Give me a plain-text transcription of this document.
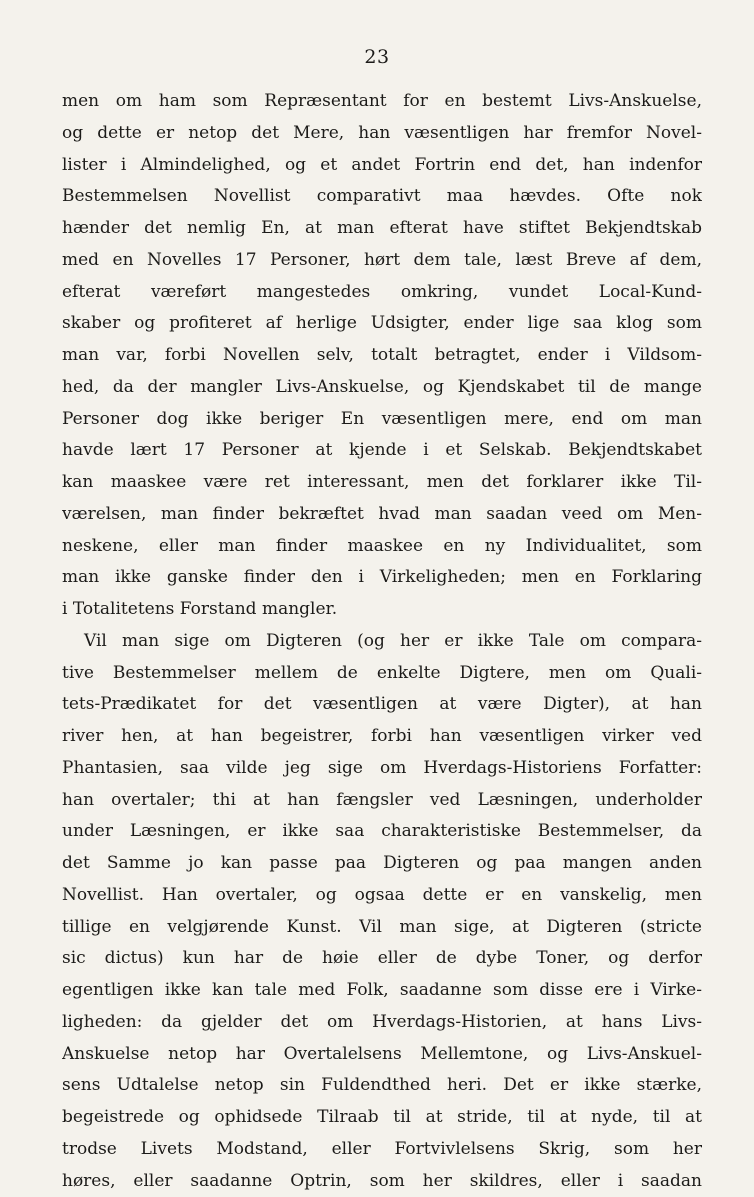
23
men om ham som Repræsentant for en bestemt Livs-Anskuelse,
og dette er netop det Mere, han væsentligen har fremfor Novel-
lister i Almindelighed, og et andet Fortrin end det, han indenfor
Bestemmelsen Novellist comparativt maa hævdes. Ofte nok
hænder det nemlig En, at man efterat have stiftet Bekjendtskab
med en Novelles 17 Personer, hørt dem tale, læst Breve af dem,
efterat væreført mangestedes omkring, vundet Local-Kund-
skaber og profiteret af herlige Udsigter, ender lige saa klog som
man var, forbi Novellen selv, totalt betragtet, ender i Vildsom-
hed, da der mangler Livs-Anskuelse, og Kjendskabet til de mange
Personer dog ikke beriger En væsentligen mere, end om man
havde lært 17 Personer at kjende i et Selskab. Bekjendtskabet
kan maaskee være ret interessant, men det forklarer ikke Til-
værelsen, man finder bekræftet hvad man saadan veed om Men-
neskene, eller man finder maaskee en ny Individualitet, som
man ikke ganske finder den i Virkeligheden; men en Forklaring
i Totalitetens Forstand mangler.
Vil man sige om Digteren (og her er ikke Tale om compara-
tive Bestemmelser mellem de enkelte Digtere, men om Quali-
tets-Prædikatet for det væsentligen at være Digter), at han
river hen, at han begeistrer, forbi han væsentligen virker ved
Phantasien, saa vilde jeg sige om Hverdags-Historiens Forfatter:
han overtaler; thi at han fængsler ved Læsningen, underholder
under Læsningen, er ikke saa charakteristiske Bestemmelser, da
det Samme jo kan passe paa Digteren og paa mangen anden
Novellist. Han overtaler, og ogsaa dette er en vanskelig, men
tillige en velgjørende Kunst. Vil man sige, at Digteren (stricte
sic dictus) kun har de høie eller de dybe Toner, og derfor
egentligen ikke kan tale med Folk, saadanne som disse ere i Virke-
ligheden: da gjelder det om Hverdags-Historien, at hans Livs-
Anskuelse netop har Overtalelsens Mellemtone, og Livs-Anskuel-
sens Udtalelse netop sin Fuldendthed heri. Det er ikke stærke,
begeistrede og ophidsede Tilraab til at stride, til at nyde, til at
trodse Livets Modstand, eller Fortvivlelsens Skrig, som her
høres, eller saadanne Optrin, som her skildres, eller i saadan
